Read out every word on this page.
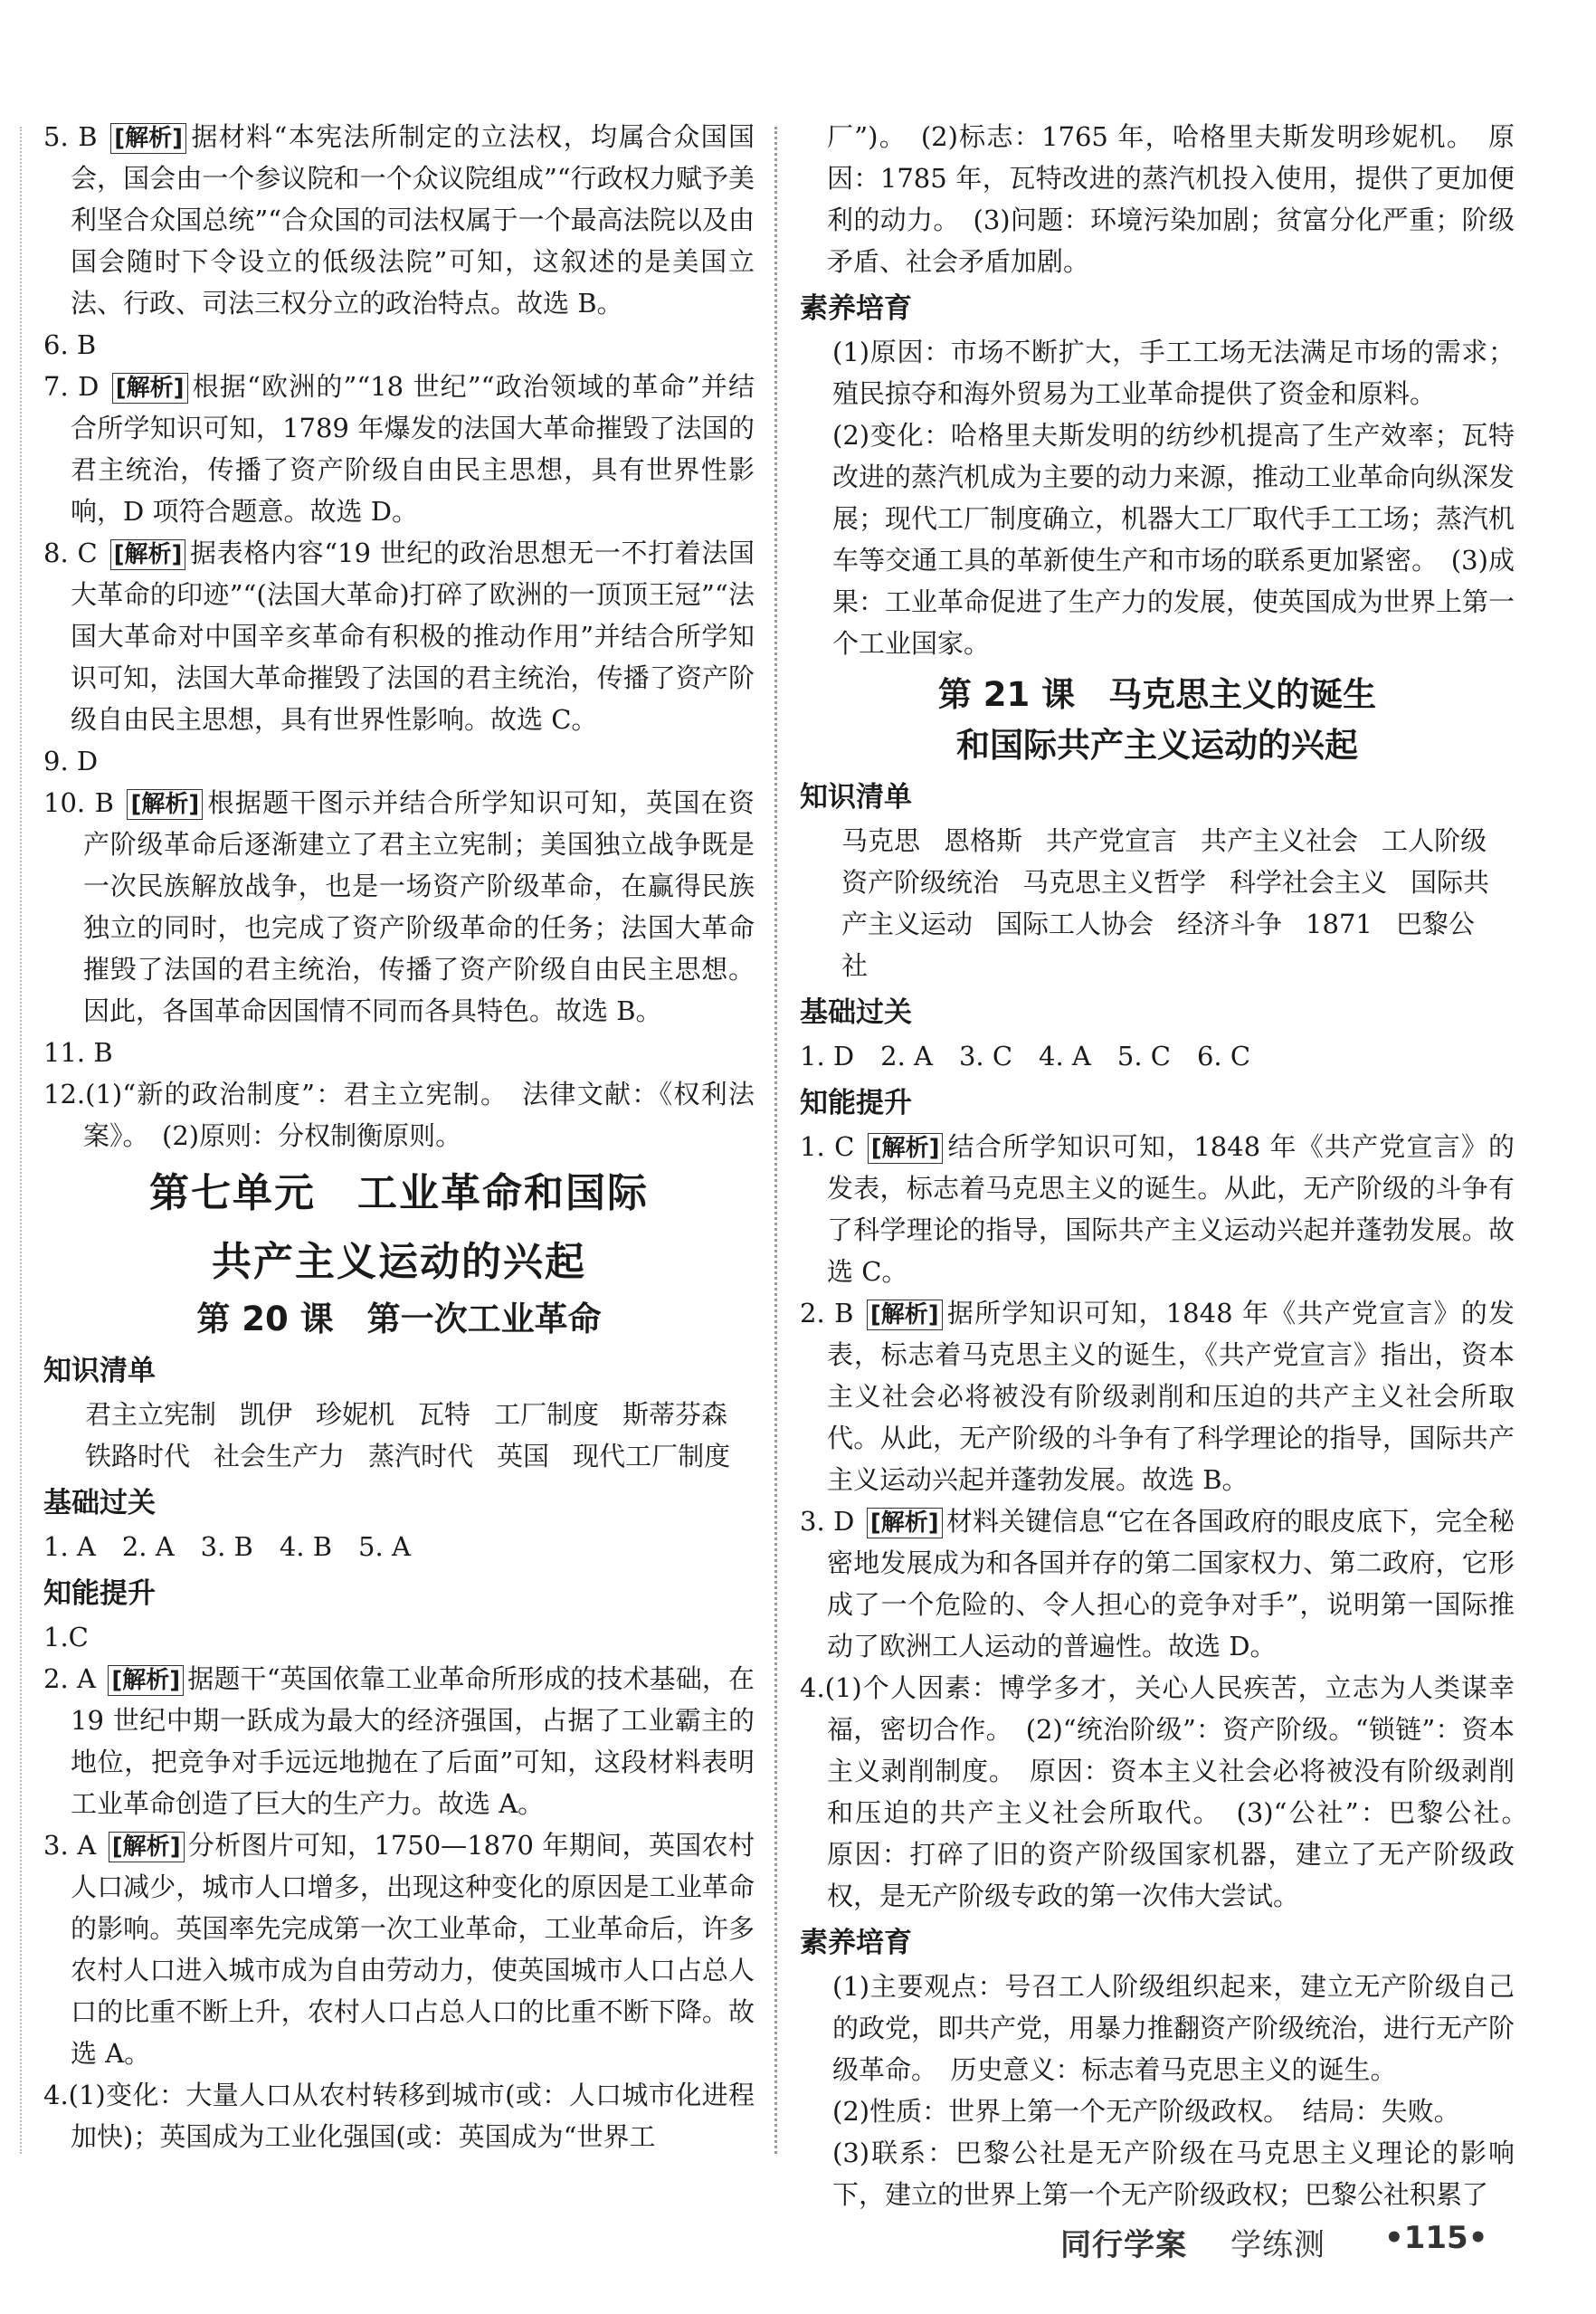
5. B [解析] 据材料“本宪法所制定的立法权，均属合众国国会，国会由一个参议院和一个众议院组成”“行政权力赋予美利坚合众国总统”“合众国的司法权属于一个最高法院以及由国会随时下令设立的低级法院”可知，这叙述的是美国立法、行政、司法三权分立的政治特点。故选 B。

6. B

7. D [解析] 根据“欧洲的”“18 世纪”“政治领域的革命”并结合所学知识可知，1789 年爆发的法国大革命摧毁了法国的君主统治，传播了资产阶级自由民主思想，具有世界性影响，D 项符合题意。故选 D。

8. C [解析] 据表格内容“19 世纪的政治思想无一不打着法国大革命的印迹”“(法国大革命)打碎了欧洲的一顶顶王冠”“法国大革命对中国辛亥革命有积极的推动作用”并结合所学知识可知，法国大革命摧毁了法国的君主统治，传播了资产阶级自由民主思想，具有世界性影响。故选 C。

9. D

10. B [解析] 根据题干图示并结合所学知识可知，英国在资产阶级革命后逐渐建立了君主立宪制；美国独立战争既是一次民族解放战争，也是一场资产阶级革命，在赢得民族独立的同时，也完成了资产阶级革命的任务；法国大革命摧毁了法国的君主统治，传播了资产阶级自由民主思想。因此，各国革命因国情不同而各具特色。故选 B。

11. B

12.(1)“新的政治制度”：君主立宪制。　法律文献：《权利法案》。　(2)原则：分权制衡原则。

第七单元　工业革命和国际
共产主义运动的兴起
第 20 课　第一次工业革命
知识清单

君主立宪制 凯伊 珍妮机 瓦特 工厂制度 斯蒂芬森铁路时代 社会生产力 蒸汽时代 英国 现代工厂制度

基础过关

1. A　2. A　3. B　4. B　5. A

知能提升

1.C

2. A [解析] 据题干“英国依靠工业革命所形成的技术基础，在 19 世纪中期一跃成为最大的经济强国，占据了工业霸主的地位，把竞争对手远远地抛在了后面”可知，这段材料表明工业革命创造了巨大的生产力。故选 A。

3. A [解析] 分析图片可知，1750—1870 年期间，英国农村人口减少，城市人口增多，出现这种变化的原因是工业革命的影响。英国率先完成第一次工业革命，工业革命后，许多农村人口进入城市成为自由劳动力，使英国城市人口占总人口的比重不断上升，农村人口占总人口的比重不断下降。故选 A。

4.(1)变化：大量人口从农村转移到城市(或：人口城市化进程加快)；英国成为工业化强国(或：英国成为“世界工

厂”)。　(2)标志：1765 年，哈格里夫斯发明珍妮机。　原因：1785 年，瓦特改进的蒸汽机投入使用，提供了更加便利的动力。　(3)问题：环境污染加剧；贫富分化严重；阶级矛盾、社会矛盾加剧。

素养培育

(1)原因：市场不断扩大，手工工场无法满足市场的需求；殖民掠夺和海外贸易为工业革命提供了资金和原料。

(2)变化：哈格里夫斯发明的纺纱机提高了生产效率；瓦特改进的蒸汽机成为主要的动力来源，推动工业革命向纵深发展；现代工厂制度确立，机器大工厂取代手工工场；蒸汽机车等交通工具的革新使生产和市场的联系更加紧密。　(3)成果：工业革命促进了生产力的发展，使英国成为世界上第一个工业国家。

第 21 课　马克思主义的诞生
和国际共产主义运动的兴起
知识清单

马克思 恩格斯 共产党宣言 共产主义社会 工人阶级资产阶级统治 马克思主义哲学 科学社会主义 国际共产主义运动 国际工人协会 经济斗争 1871 巴黎公社

基础过关

1. D　2. A　3. C　4. A　5. C　6. C

知能提升

1. C [解析] 结合所学知识可知，1848 年《共产党宣言》的发表，标志着马克思主义的诞生。从此，无产阶级的斗争有了科学理论的指导，国际共产主义运动兴起并蓬勃发展。故选 C。

2. B [解析] 据所学知识可知，1848 年《共产党宣言》的发表，标志着马克思主义的诞生，《共产党宣言》指出，资本主义社会必将被没有阶级剥削和压迫的共产主义社会所取代。从此，无产阶级的斗争有了科学理论的指导，国际共产主义运动兴起并蓬勃发展。故选 B。

3. D [解析] 材料关键信息“它在各国政府的眼皮底下，完全秘密地发展成为和各国并存的第二国家权力、第二政府，它形成了一个危险的、令人担心的竞争对手”，说明第一国际推动了欧洲工人运动的普遍性。故选 D。

4.(1)个人因素：博学多才，关心人民疾苦，立志为人类谋幸福，密切合作。　(2)“统治阶级”：资产阶级。“锁链”：资本主义剥削制度。　原因：资本主义社会必将被没有阶级剥削和压迫的共产主义社会所取代。　(3)“公社”：巴黎公社。　原因：打碎了旧的资产阶级国家机器，建立了无产阶级政权，是无产阶级专政的第一次伟大尝试。

素养培育

(1)主要观点：号召工人阶级组织起来，建立无产阶级自己的政党，即共产党，用暴力推翻资产阶级统治，进行无产阶级革命。　历史意义：标志着马克思主义的诞生。

(2)性质：世界上第一个无产阶级政权。　结局：失败。

(3)联系：巴黎公社是无产阶级在马克思主义理论的影响下，建立的世界上第一个无产阶级政权；巴黎公社积累了

同行学案 学练测 •115•
